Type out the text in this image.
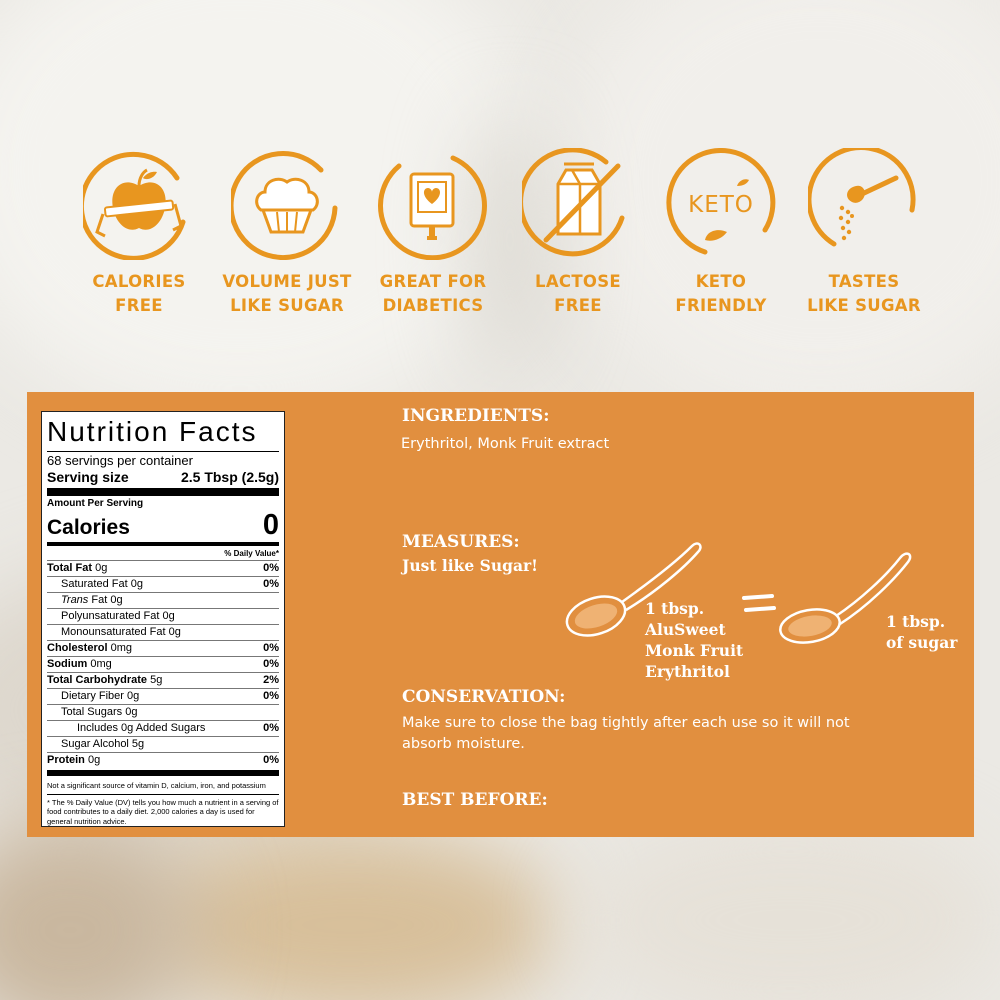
CALORIES
FREE
VOLUME JUST
LIKE SUGAR
GREAT FOR
DIABETICS
LACTOSE
FREE
KETO
KETO
FRIENDLY
TASTES
LIKE SUGAR
Nutrition Facts
68 servings per container
Serving size	2.5 Tbsp (2.5g)
Amount Per Serving
Calories	0
% Daily Value*
Total Fat 0g	0%
Saturated Fat 0g	0%
Trans Fat 0g
Polyunsaturated Fat 0g
Monounsaturated Fat 0g
Cholesterol 0mg	0%
Sodium 0mg	0%
Total Carbohydrate 5g	2%
Dietary Fiber 0g	0%
Total Sugars 0g
Includes 0g Added Sugars	0%
Sugar Alcohol 5g
Protein 0g	0%
Not a significant source of vitamin D, calcium, iron, and potassium
* The % Daily Value (DV) tells you how much a nutrient in a serving of food contributes to a daily diet. 2,000 calories a day is used for general nutrition advice.
INGREDIENTS:
Erythritol, Monk Fruit extract
MEASURES:
Just like Sugar!
1 tbsp.
AluSweet
Monk Fruit
Erythritol
1 tbsp.
of sugar
CONSERVATION:
Make sure to close the bag tightly after each use so it will not absorb moisture.
BEST BEFORE:
